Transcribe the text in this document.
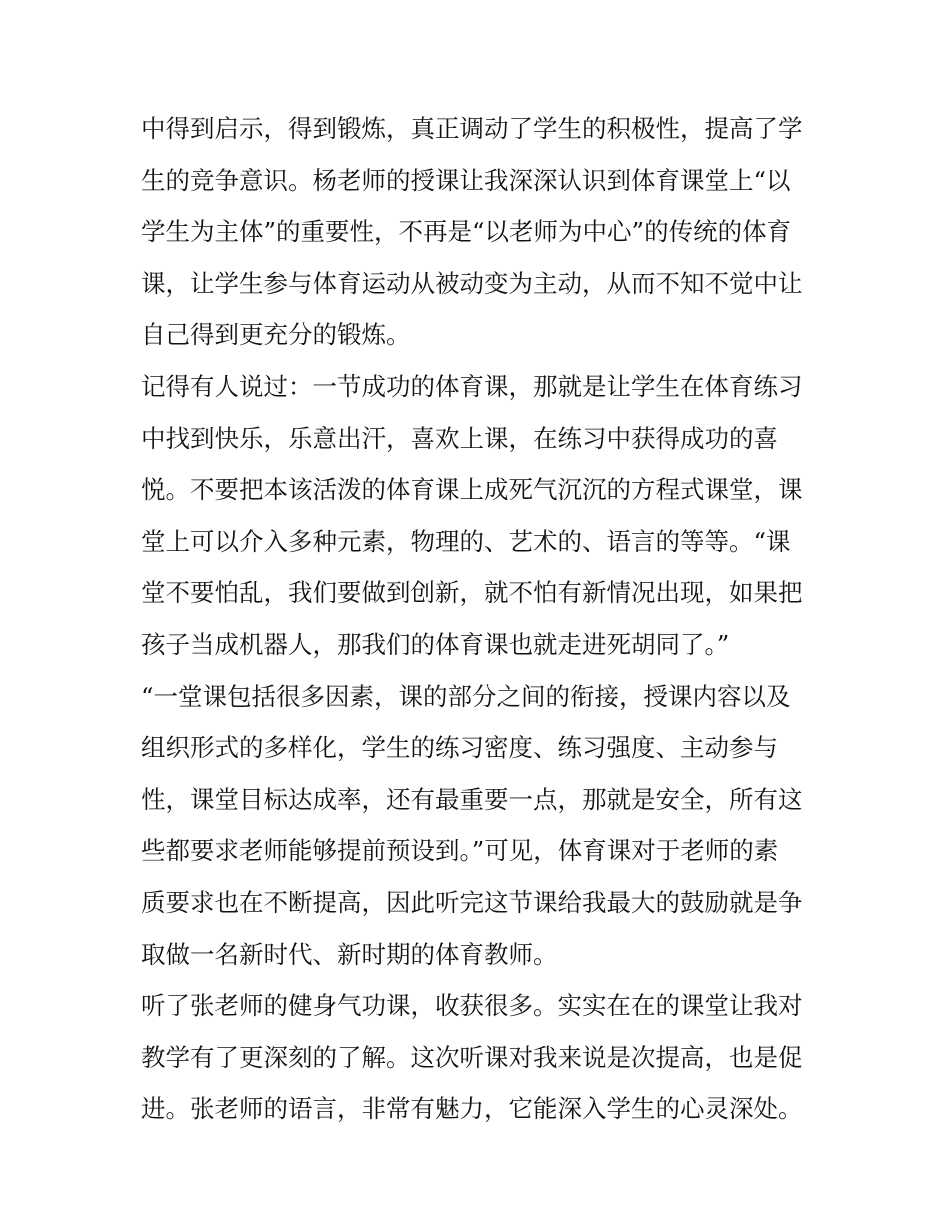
中得到启示，得到锻炼，真正调动了学生的积极性，提高了学
生的竞争意识。杨老师的授课让我深深认识到体育课堂上“以
学生为主体”的重要性，不再是“以老师为中心”的传统的体育
课，让学生参与体育运动从被动变为主动，从而不知不觉中让
自己得到更充分的锻炼。
记得有人说过：一节成功的体育课，那就是让学生在体育练习
中找到快乐，乐意出汗，喜欢上课，在练习中获得成功的喜
悦。不要把本该活泼的体育课上成死气沉沉的方程式课堂，课
堂上可以介入多种元素，物理的、艺术的、语言的等等。“课
堂不要怕乱，我们要做到创新，就不怕有新情况出现，如果把
孩子当成机器人，那我们的体育课也就走进死胡同了。”
“一堂课包括很多因素，课的部分之间的衔接，授课内容以及
组织形式的多样化，学生的练习密度、练习强度、主动参与
性，课堂目标达成率，还有最重要一点，那就是安全，所有这
些都要求老师能够提前预设到。”可见，体育课对于老师的素
质要求也在不断提高，因此听完这节课给我最大的鼓励就是争
取做一名新时代、新时期的体育教师。
听了张老师的健身气功课，收获很多。实实在在的课堂让我对
教学有了更深刻的了解。这次听课对我来说是次提高，也是促
进。张老师的语言，非常有魅力，它能深入学生的心灵深处。
